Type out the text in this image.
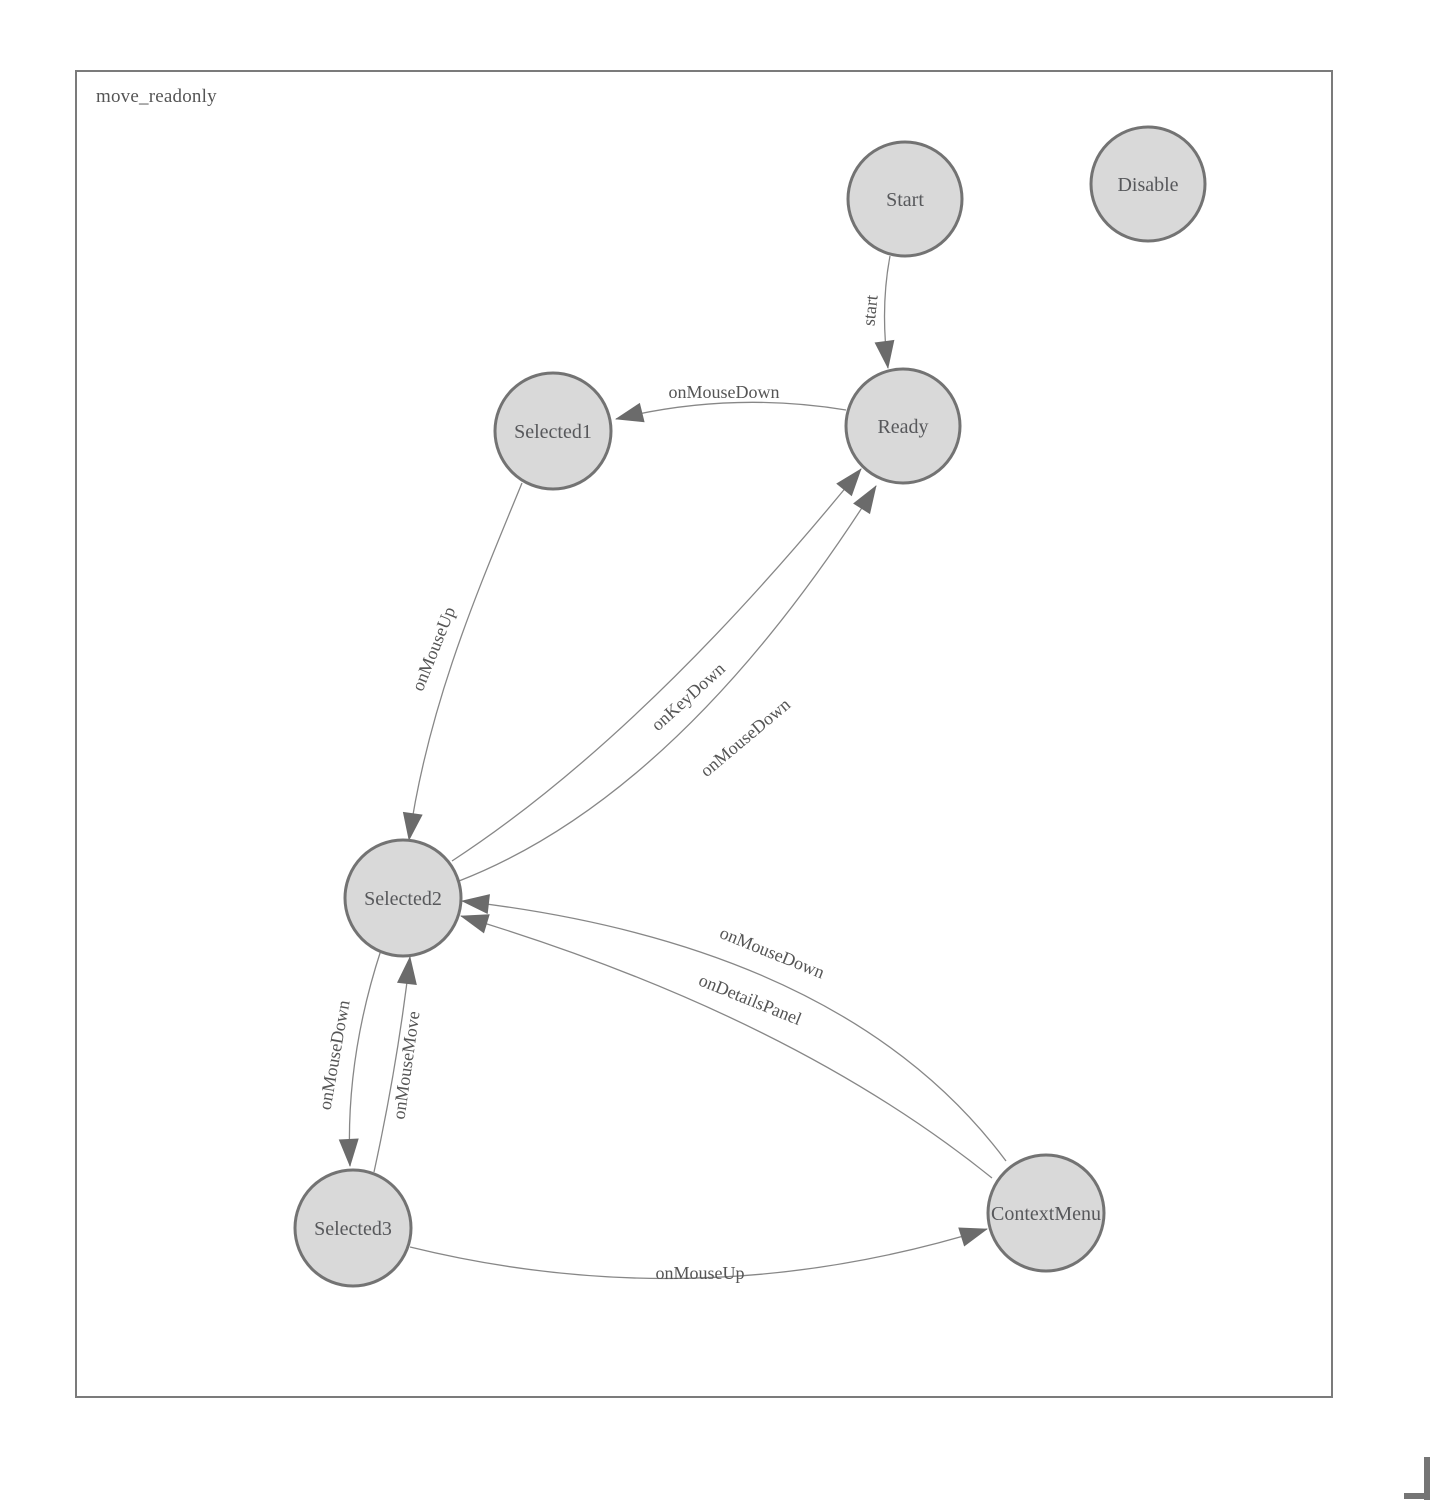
move_readonly
start
onMouseDown
onMouseUp
onKeyDown
onMouseDown
onMouseDown onMouseMove
onMouseDown
onDetailsPanel
onMouseUp
Start
Disable
Ready
Selected1
Selected2
Selected3
ContextMenu
